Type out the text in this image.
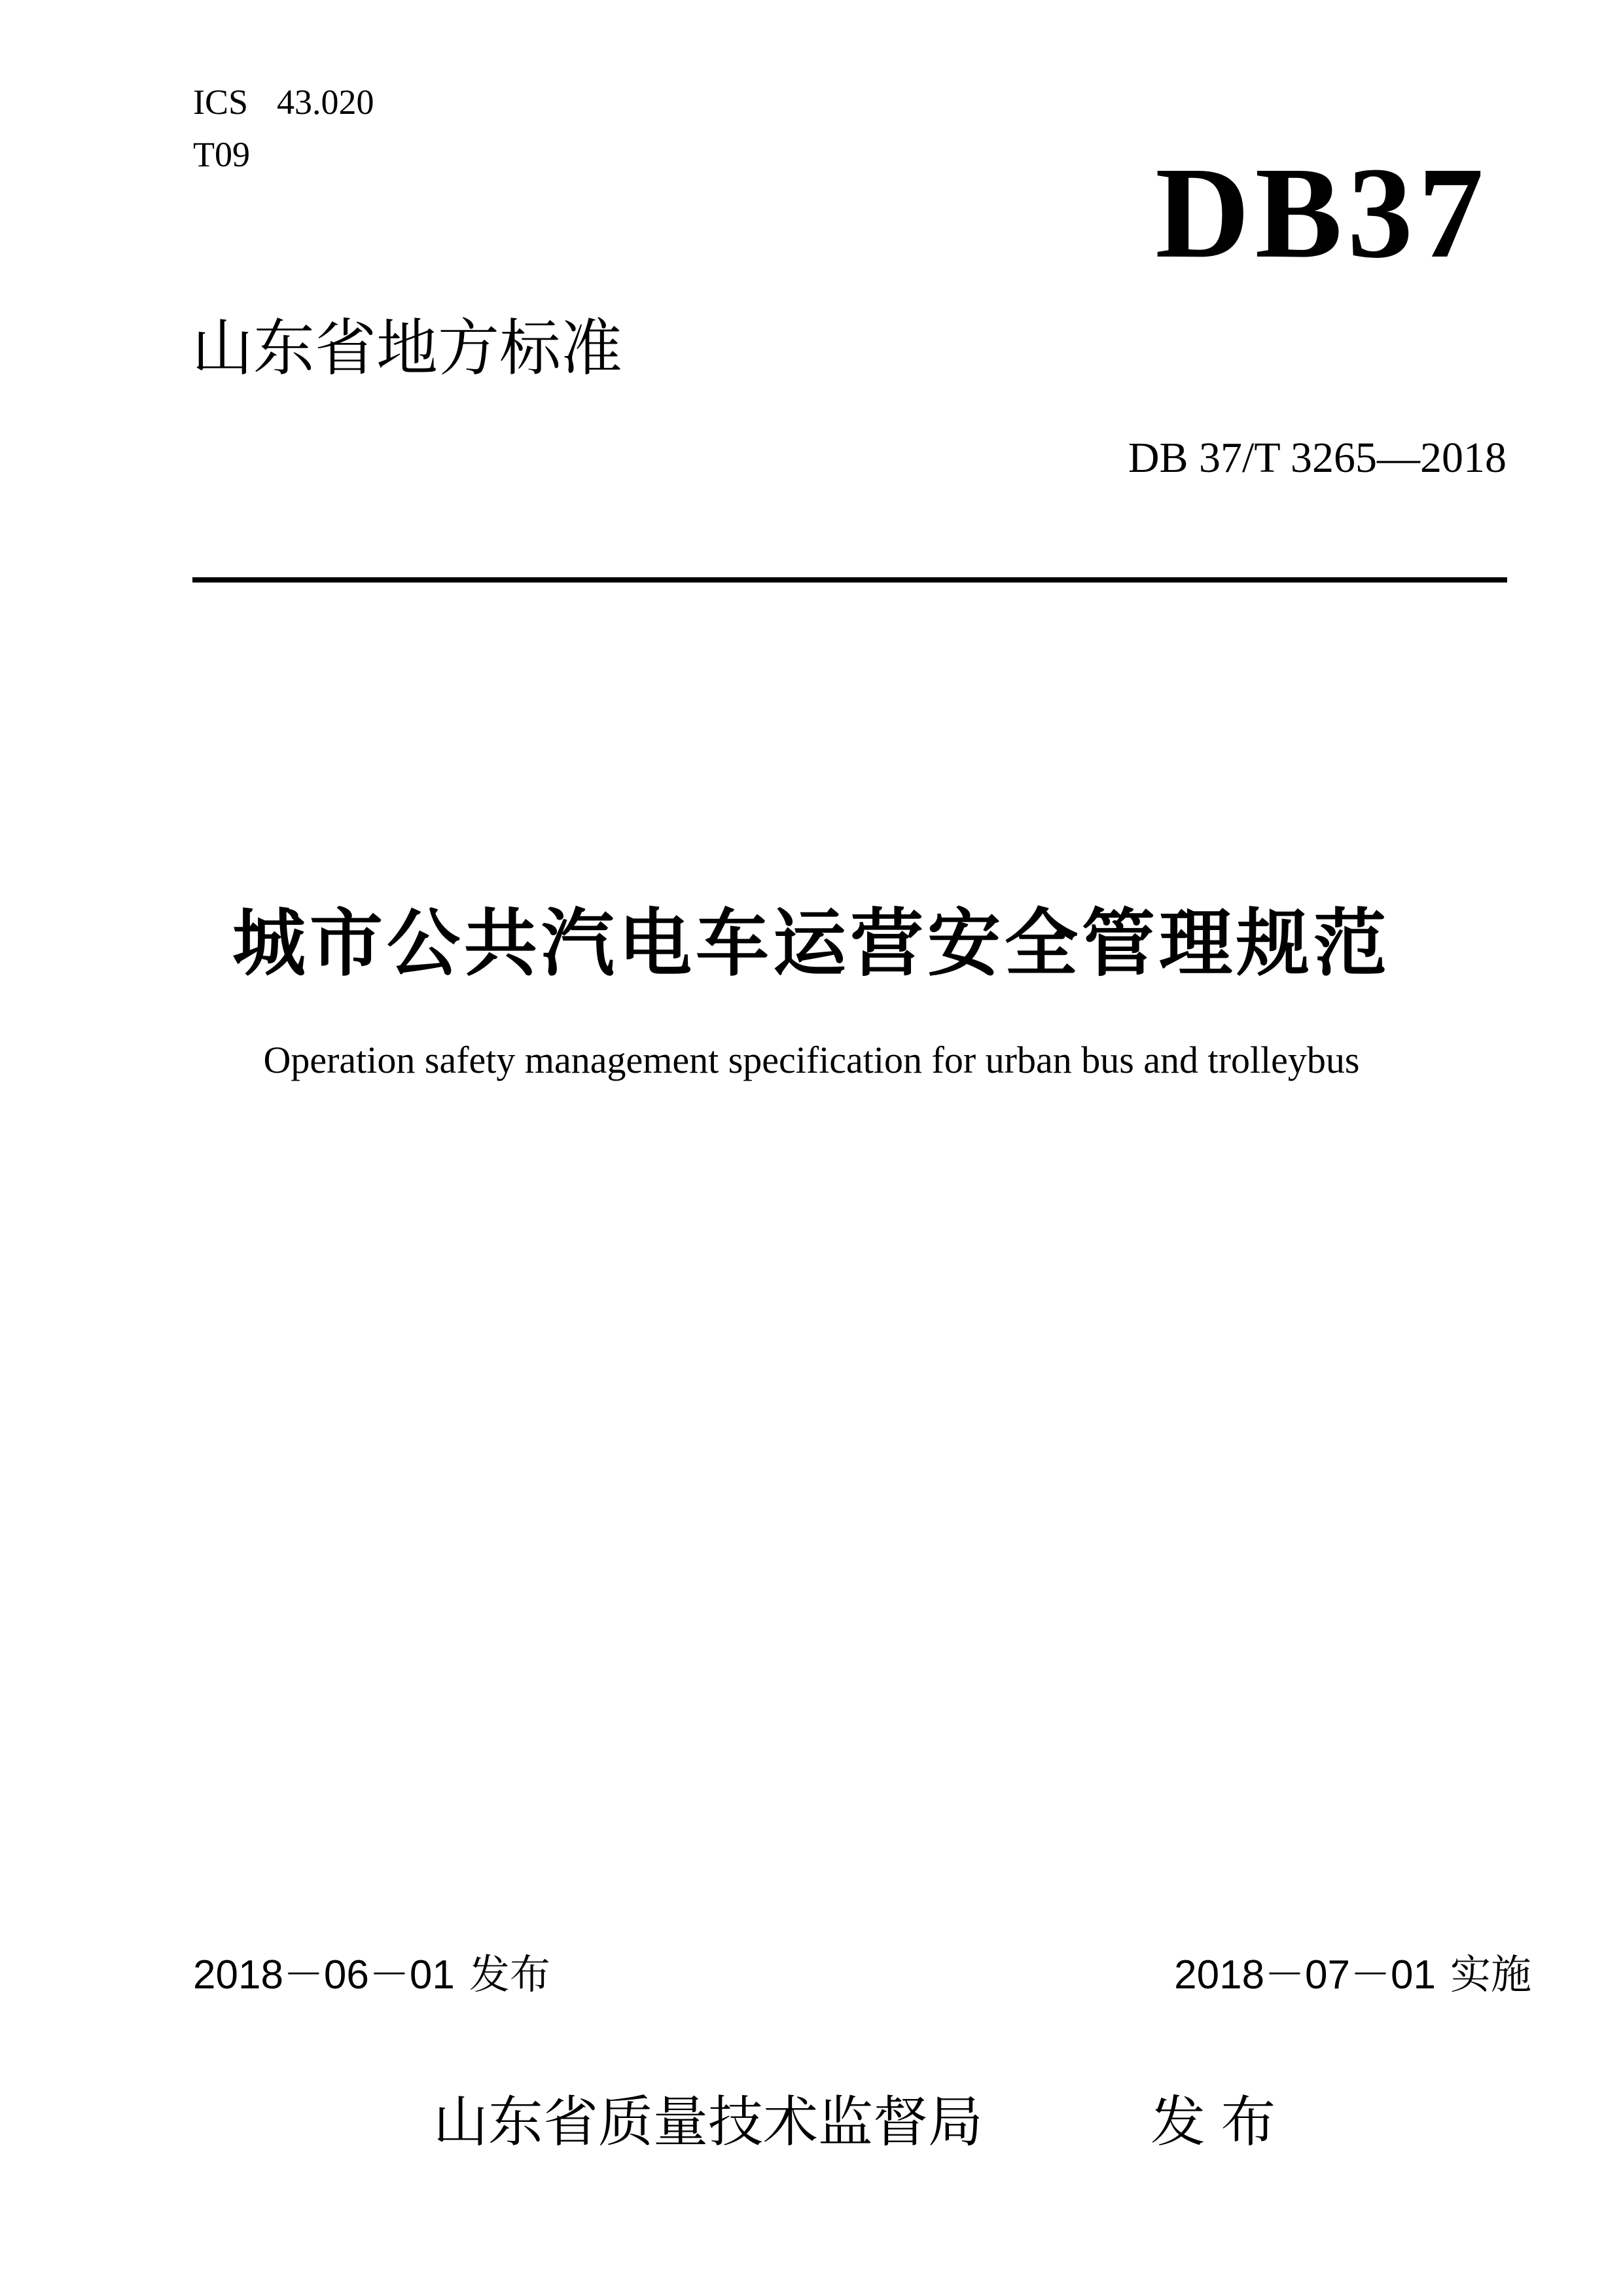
ICS 43.020
T09	DB37
山东省地方标准
DB 37/T 3265—2018
城市公共汽电车运营安全管理规范
Operation safety management specification for urban bus and trolleybus
2018－06－01 发布	2018－07－01 实施
山东省质量技术监督局	发 布
